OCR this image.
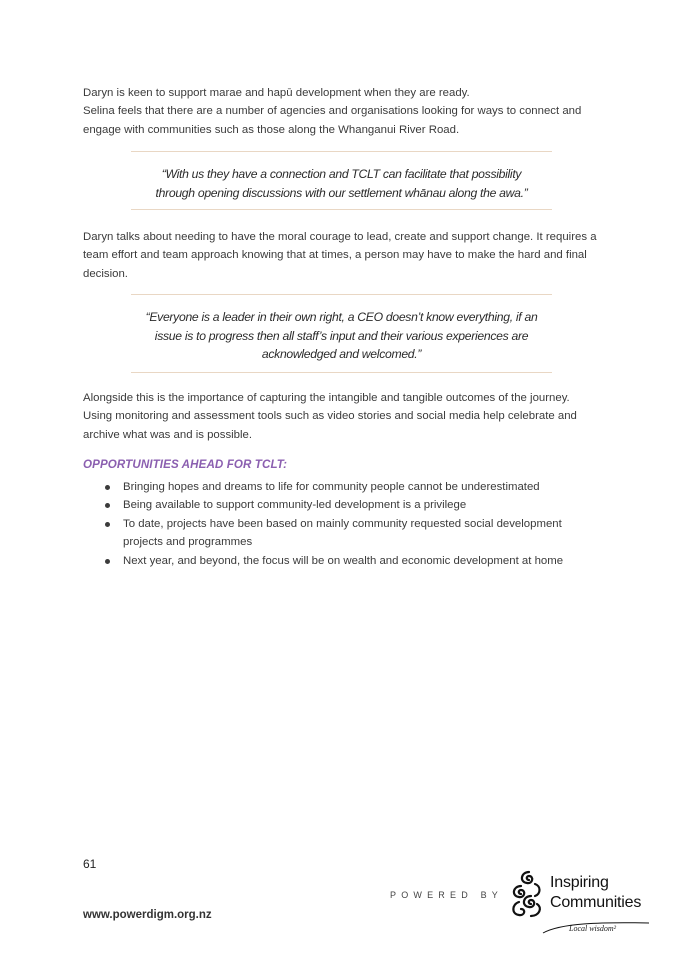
Daryn is keen to support marae and hapū development when they are ready.
Selina feels that there are a number of agencies and organisations looking for ways to connect and engage with communities such as those along the Whanganui River Road.

“With us they have a connection and TCLT can facilitate that possibility through opening discussions with our settlement whānau along the awa.”

Daryn talks about needing to have the moral courage to lead, create and support change. It requires a team effort and team approach knowing that at times, a person may have to make the hard and final decision.

“Everyone is a leader in their own right, a CEO doesn’t know everything, if an issue is to progress then all staff’s input and their various experiences are acknowledged and welcomed.”

Alongside this is the importance of capturing the intangible and tangible outcomes of the journey. Using monitoring and assessment tools such as video stories and social media help celebrate and archive what was and is possible.

OPPORTUNITIES AHEAD FOR TCLT:
Bringing hopes and dreams to life for community people cannot be underestimated
Being available to support community-led development is a privilege
To date, projects have been based on mainly community requested social development projects and programmes
Next year, and beyond, the focus will be on wealth and economic development at home
61
POWERED BY
www.powerdigm.org.nz
Inspiring
Communities
Local wisdom²
